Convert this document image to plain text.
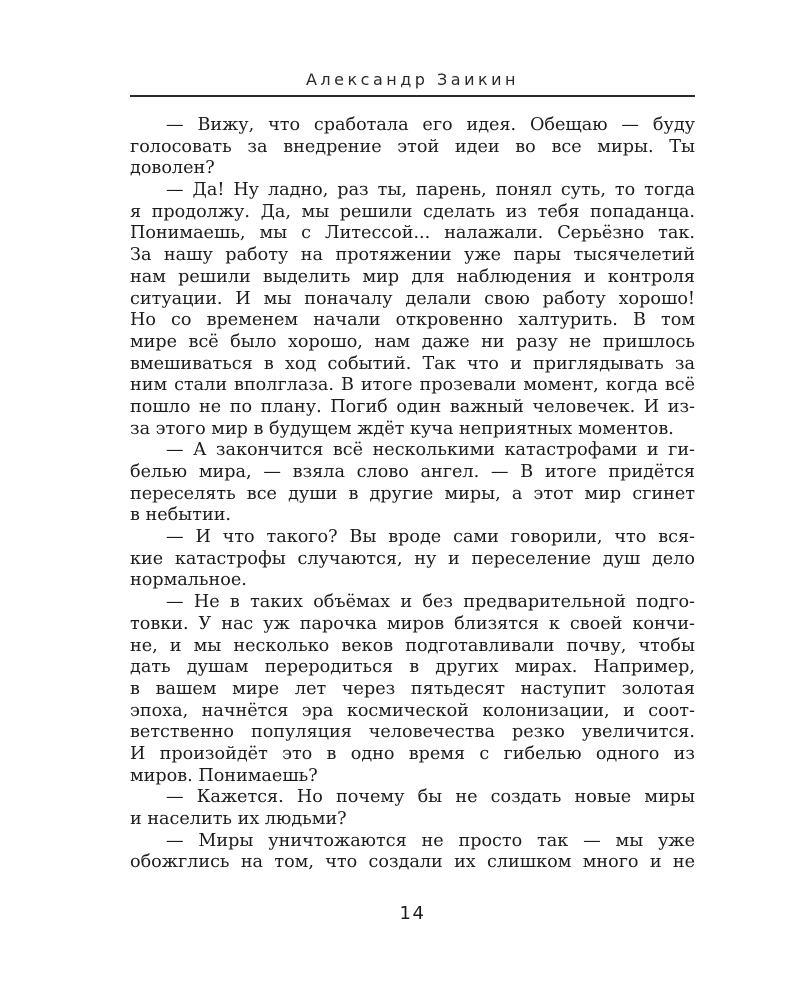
Александр Заикин
— Вижу, что сработала его идея. Обещаю — буду
голосовать за внедрение этой идеи во все миры. Ты
доволен?
— Да! Ну ладно, раз ты, парень, понял суть, то тогда
я продолжу. Да, мы решили сделать из тебя попаданца.
Понимаешь, мы с Литессой... налажали. Серьёзно так.
За нашу работу на протяжении уже пары тысячелетий
нам решили выделить мир для наблюдения и контроля
ситуации. И мы поначалу делали свою работу хорошо!
Но со временем начали откровенно халтурить. В том
мире всё было хорошо, нам даже ни разу не пришлось
вмешиваться в ход событий. Так что и приглядывать за
ним стали вполглаза. В итоге прозевали момент, когда всё
пошло не по плану. Погиб один важный человечек. И из-
за этого мир в будущем ждёт куча неприятных моментов.
— А закончится всё несколькими катастрофами и ги-
белью мира, — взяла слово ангел. — В итоге придётся
переселять все души в другие миры, а этот мир сгинет
в небытии.
— И что такого? Вы вроде сами говорили, что вся-
кие катастрофы случаются, ну и переселение душ дело
нормальное.
— Не в таких объёмах и без предварительной подго-
товки. У нас уж парочка миров близятся к своей кончи-
не, и мы несколько веков подготавливали почву, чтобы
дать душам переродиться в других мирах. Например,
в вашем мире лет через пятьдесят наступит золотая
эпоха, начнётся эра космической колонизации, и соот-
ветственно популяция человечества резко увеличится.
И произойдёт это в одно время с гибелью одного из
миров. Понимаешь?
— Кажется. Но почему бы не создать новые миры
и населить их людьми?
— Миры уничтожаются не просто так — мы уже
обожглись на том, что создали их слишком много и не
14
